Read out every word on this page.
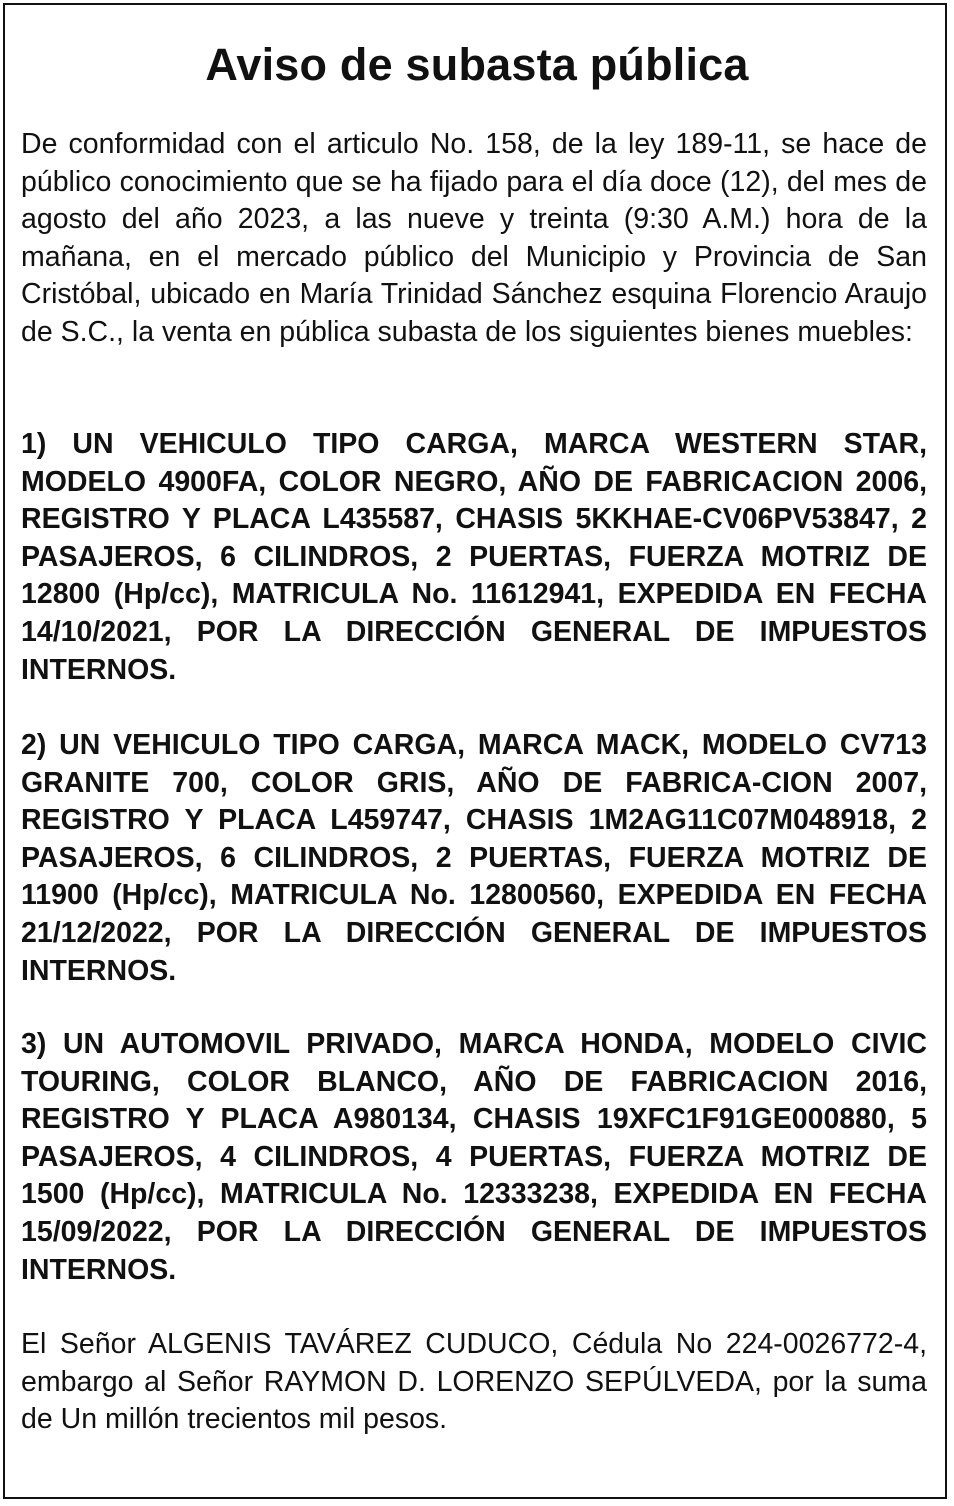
Aviso de subasta pública

De conformidad con el articulo No. 158, de la ley 189-11, se hace de público conocimiento que se ha fijado para el día doce (12), del mes de agosto del año 2023, a las nueve y treinta (9:30 A.M.) hora de la mañana, en el mercado público del Municipio y Provincia de San Cristóbal, ubicado en María Trinidad Sánchez esquina Florencio Araujo de S.C., la venta en pública subasta de los siguientes bienes muebles:

1) UN VEHICULO TIPO CARGA, MARCA WESTERN STAR, MODELO 4900FA, COLOR NEGRO, AÑO DE FABRICACION 2006, REGISTRO Y PLACA L435587, CHASIS 5KKHAE-CV06PV53847, 2 PASAJEROS, 6 CILINDROS, 2 PUERTAS, FUERZA MOTRIZ DE 12800 (Hp/cc), MATRICULA No. 11612941, EXPEDIDA EN FECHA 14/10/2021, POR LA DIRECCIÓN GENERAL DE IMPUESTOS INTERNOS.

2) UN VEHICULO TIPO CARGA, MARCA MACK, MODELO CV713 GRANITE 700, COLOR GRIS, AÑO DE FABRICA-CION 2007, REGISTRO Y PLACA L459747, CHASIS 1M2AG11C07M048918, 2 PASAJEROS, 6 CILINDROS, 2 PUERTAS, FUERZA MOTRIZ DE 11900 (Hp/cc), MATRICULA No. 12800560, EXPEDIDA EN FECHA 21/12/2022, POR LA DIRECCIÓN GENERAL DE IMPUESTOS INTERNOS.

3) UN AUTOMOVIL PRIVADO, MARCA HONDA, MODELO CIVIC TOURING, COLOR BLANCO, AÑO DE FABRICACION 2016, REGISTRO Y PLACA A980134, CHASIS 19XFC1F91GE000880, 5 PASAJEROS, 4 CILINDROS, 4 PUERTAS, FUERZA MOTRIZ DE 1500 (Hp/cc), MATRICULA No. 12333238, EXPEDIDA EN FECHA 15/09/2022, POR LA DIRECCIÓN GENERAL DE IMPUESTOS INTERNOS.

El Señor ALGENIS TAVÁREZ CUDUCO, Cédula No 224-0026772-4, embargo al Señor RAYMON D. LORENZO SEPÚLVEDA, por la suma de Un millón trecientos mil pesos.
